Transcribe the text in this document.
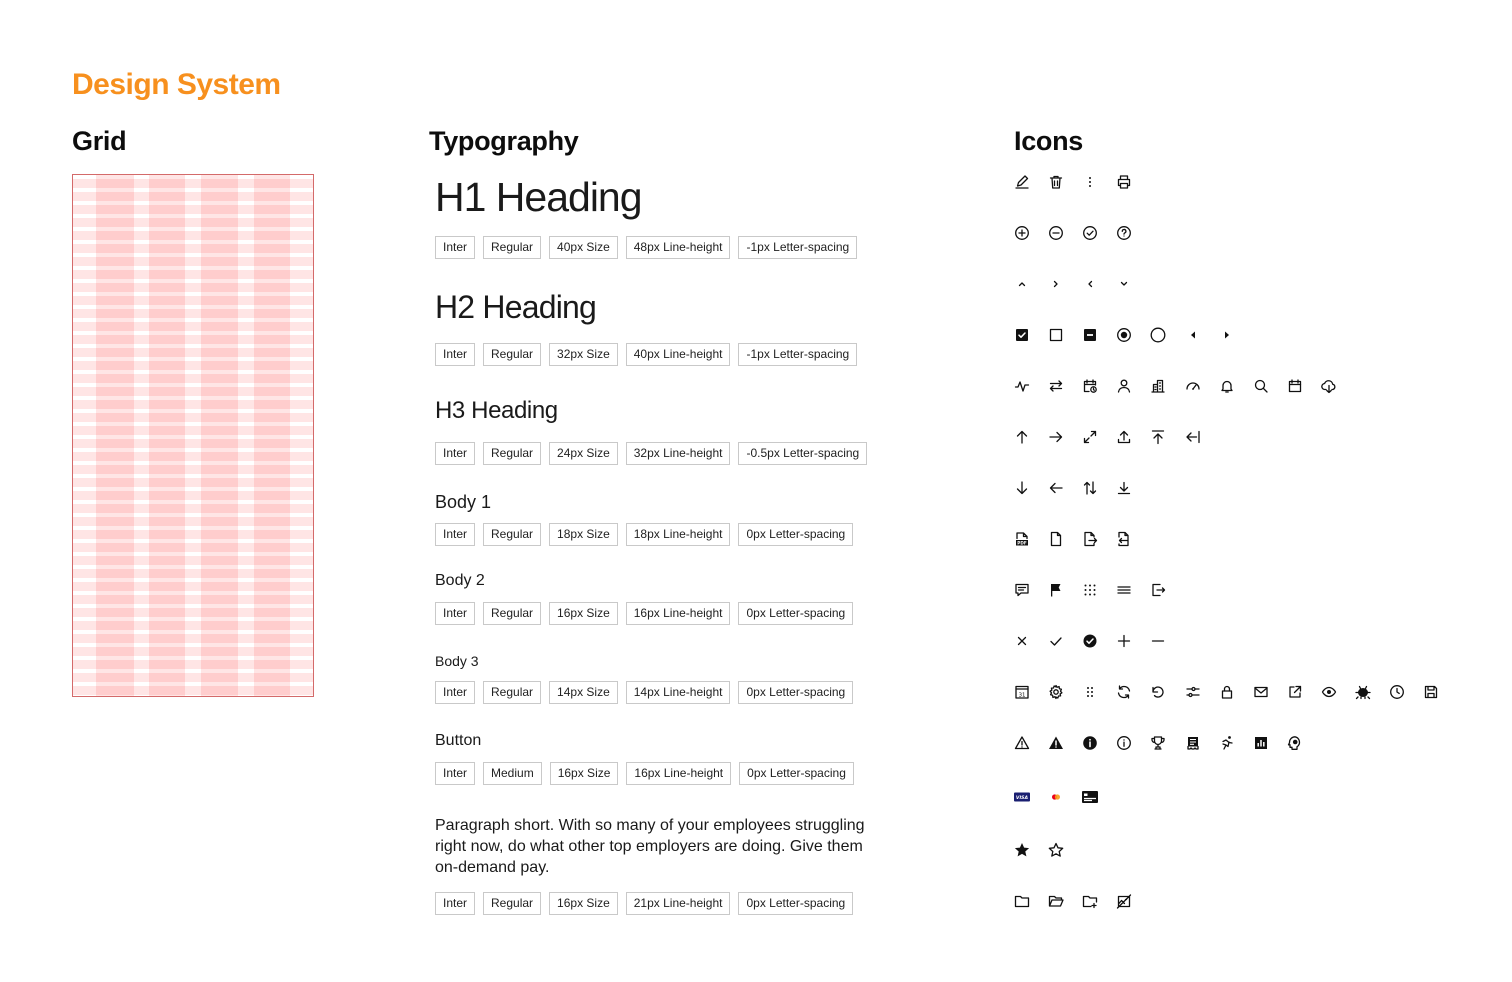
Design System
Grid	Typography	Icons
H1 Heading
Inter	Regular	40px Size	48px Line-height	-1px Letter-spacing
H2 Heading
Inter	Regular	32px Size	40px Line-height	-1px Letter-spacing
H3 Heading
Inter	Regular	24px Size	32px Line-height	-0.5px Letter-spacing
Body 1
Inter	Regular	18px Size	18px Line-height	0px Letter-spacing
Body 2
Inter	Regular	16px Size	16px Line-height	0px Letter-spacing
Body 3
Inter	Regular	14px Size	14px Line-height	0px Letter-spacing
Button
Inter	Medium	16px Size	16px Line-height	0px Letter-spacing
Paragraph short. With so many of your employees struggling right now, do what other top employers are doing. Give them on-demand pay.
Inter	Regular	16px Size	21px Line-height	0px Letter-spacing
PDF
31
VISA
